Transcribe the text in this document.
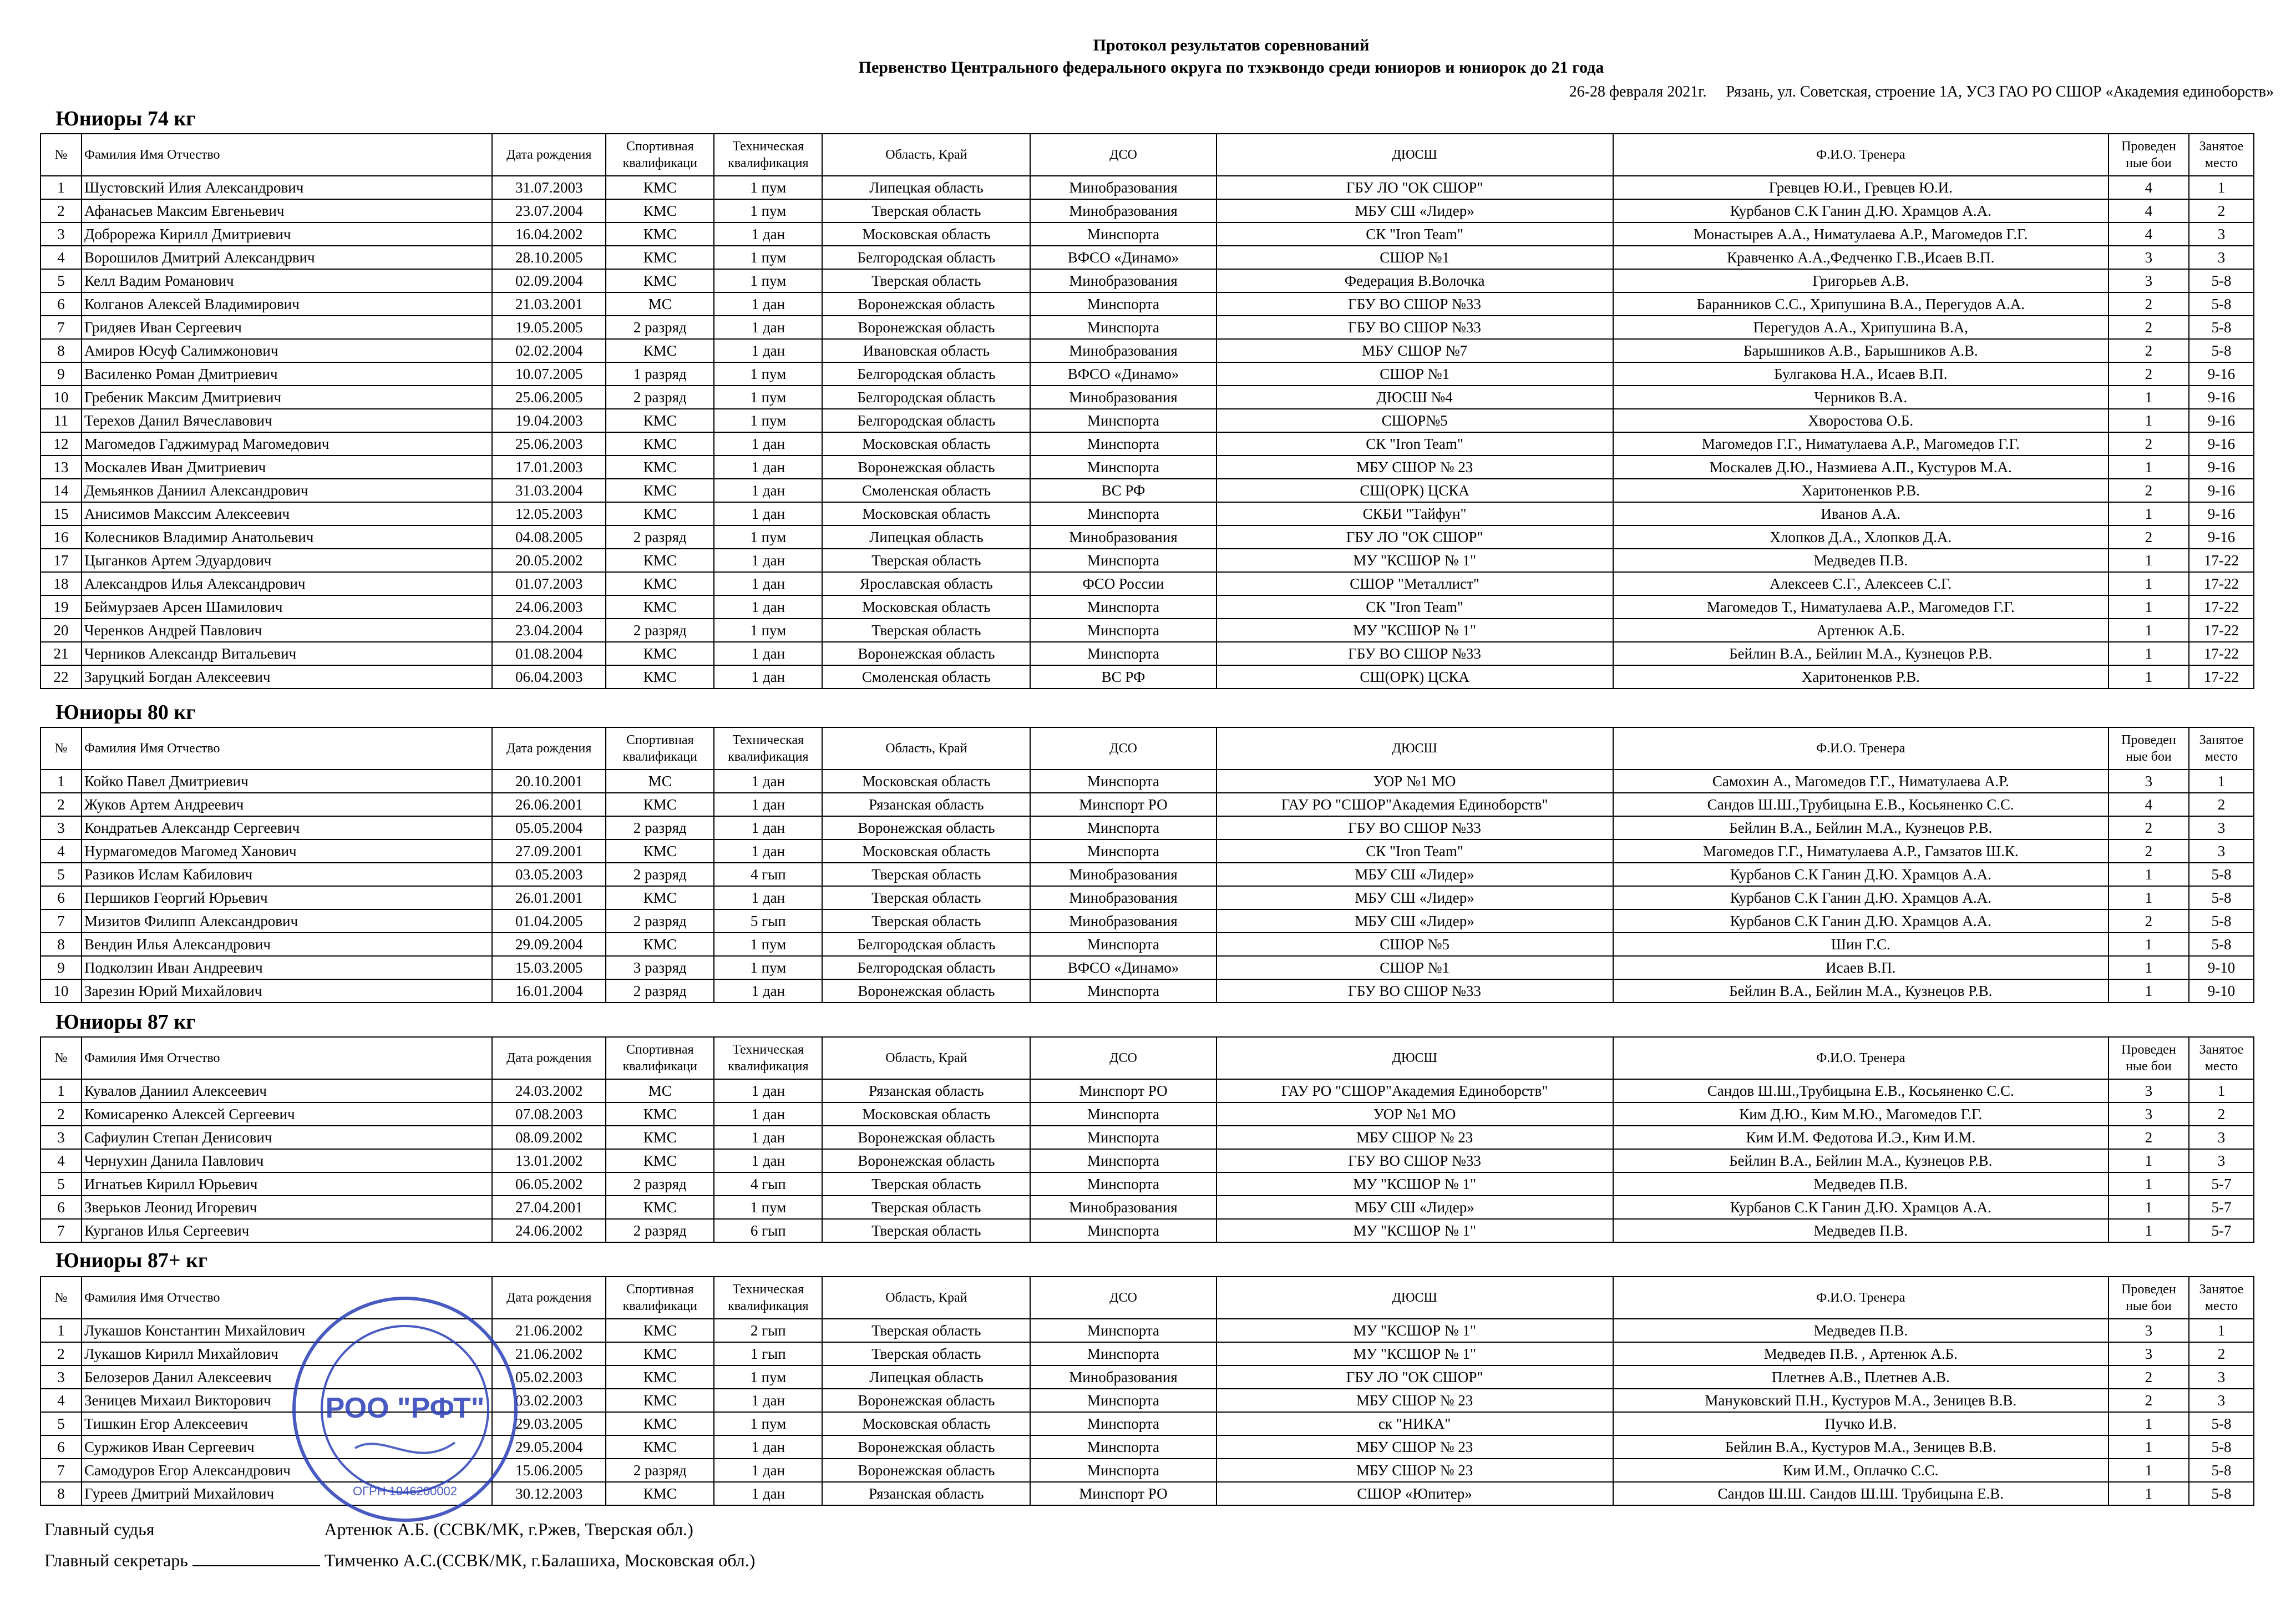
Протокол результатов соревнований
Первенство Центрального федерального округа по тхэквондо среди юниоров и юниорок до 21 года
26-28 февраля 2021г.     Рязань, ул. Советская, строение 1А, УСЗ ГАО РО СШОР «Академия единоборств»
Юниоры 74 кг
№	Фамилия Имя Отчество	Дата рождения	Спортивная квалификаци	Техническая квалификация	Область, Край	ДСО	ДЮСШ	Ф.И.О. Тренера	Проведен ные бои	Занятое место
1	Шустовский Илия Александрович	31.07.2003	КМС	1 пум	Липецкая область	Минобразования	ГБУ ЛО "ОК СШОР"	Гревцев Ю.И., Гревцев Ю.И.	4	1
2	Афанасьев Максим Евгеньевич	23.07.2004	КМС	1 пум	Тверская область	Минобразования	МБУ СШ «Лидер»	Курбанов С.К Ганин Д.Ю. Храмцов А.А.	4	2
3	Доброрежа Кирилл Дмитриевич	16.04.2002	КМС	1 дан	Московская область	Минспорта	СК "Iron Team"	Монастырев А.А., Ниматулаева А.Р., Магомедов Г.Г.	4	3
4	Ворошилов Дмитрий Александрвич	28.10.2005	КМС	1 пум	Белгородская область	ВФСО «Динамо»	СШОР №1	Кравченко А.А.,Федченко Г.В.,Исаев В.П.	3	3
5	Келл Вадим Романович	02.09.2004	КМС	1 пум	Тверская область	Минобразования	Федерация В.Волочка	Григорьев А.В.	3	5-8
6	Колганов Алексей Владимирович	21.03.2001	МС	1 дан	Воронежская область	Минспорта	ГБУ ВО СШОР №33	Баранников С.С., Хрипушина В.А., Перегудов А.А.	2	5-8
7	Гридяев Иван Сергеевич	19.05.2005	2 разряд	1 дан	Воронежская область	Минспорта	ГБУ ВО СШОР №33	Перегудов А.А., Хрипушина В.А,	2	5-8
8	Амиров Юсуф Салимжонович	02.02.2004	КМС	1 дан	Ивановская область	Минобразования	МБУ СШОР №7	Барышников А.В., Барышников А.В.	2	5-8
9	Василенко Роман Дмитриевич	10.07.2005	1 разряд	1 пум	Белгородская область	ВФСО «Динамо»	СШОР №1	Булгакова Н.А., Исаев В.П.	2	9-16
10	Гребеник Максим Дмитриевич	25.06.2005	2 разряд	1 пум	Белгородская область	Минобразования	ДЮСШ №4	Черников В.А.	1	9-16
11	Терехов Данил Вячеславович	19.04.2003	КМС	1 пум	Белгородская область	Минспорта	СШОР№5	Хворостова О.Б.	1	9-16
12	Магомедов Гаджимурад Магомедович	25.06.2003	КМС	1 дан	Московская область	Минспорта	СК "Iron Team"	Магомедов Г.Г., Ниматулаева А.Р., Магомедов Г.Г.	2	9-16
13	Москалев Иван Дмитриевич	17.01.2003	КМС	1 дан	Воронежская область	Минспорта	МБУ СШОР № 23	Москалев Д.Ю., Назмиева А.П., Кустуров М.А.	1	9-16
14	Демьянков Даниил Александрович	31.03.2004	КМС	1 дан	Смоленская область	ВС РФ	СШ(ОРК) ЦСКА	Харитоненков Р.В.	2	9-16
15	Анисимов Макссим Алексеевич	12.05.2003	КМС	1 дан	Московская область	Минспорта	СКБИ "Тайфун"	Иванов А.А.	1	9-16
16	Колесников Владимир Анатольевич	04.08.2005	2 разряд	1 пум	Липецкая область	Минобразования	ГБУ ЛО "ОК СШОР"	Хлопков Д.А., Хлопков Д.А.	2	9-16
17	Цыганков Артем Эдуардович	20.05.2002	КМС	1 дан	Тверская область	Минспорта	МУ "КСШОР № 1"	Медведев П.В.	1	17-22
18	Александров Илья Александрович	01.07.2003	КМС	1 дан	Ярославская область	ФСО России	СШОР "Металлист"	Алексеев С.Г., Алексеев С.Г.	1	17-22
19	Беймурзаев Арсен Шамилович	24.06.2003	КМС	1 дан	Московская область	Минспорта	СК "Iron Team"	Магомедов Т., Ниматулаева А.Р., Магомедов Г.Г.	1	17-22
20	Черенков Андрей Павлович	23.04.2004	2 разряд	1 пум	Тверская область	Минспорта	МУ "КСШОР № 1"	Артенюк А.Б.	1	17-22
21	Черников Александр Витальевич	01.08.2004	КМС	1 дан	Воронежская область	Минспорта	ГБУ ВО СШОР №33	Бейлин В.А., Бейлин М.А., Кузнецов Р.В.	1	17-22
22	Заруцкий Богдан Алексеевич	06.04.2003	КМС	1 дан	Смоленская область	ВС РФ	СШ(ОРК) ЦСКА	Харитоненков Р.В.	1	17-22
Юниоры 80 кг
№	Фамилия Имя Отчество	Дата рождения	Спортивная квалификаци	Техническая квалификация	Область, Край	ДСО	ДЮСШ	Ф.И.О. Тренера	Проведен ные бои	Занятое место
1	Койко Павел Дмитриевич	20.10.2001	МС	1 дан	Московская область	Минспорта	УОР №1 МО	Самохин А., Магомедов Г.Г., Ниматулаева А.Р.	3	1
2	Жуков Артем Андреевич	26.06.2001	КМС	1 дан	Рязанская область	Минспорт РО	ГАУ РО "СШОР"Академия Единоборств"	Сандов Ш.Ш.,Трубицына Е.В., Косьяненко С.С.	4	2
3	Кондратьев Александр Сергеевич	05.05.2004	2 разряд	1 дан	Воронежская область	Минспорта	ГБУ ВО СШОР №33	Бейлин В.А., Бейлин М.А., Кузнецов Р.В.	2	3
4	Нурмагомедов Магомед Ханович	27.09.2001	КМС	1 дан	Московская область	Минспорта	СК "Iron Team"	Магомедов Г.Г., Ниматулаева А.Р., Гамзатов Ш.К.	2	3
5	Разиков Ислам Кабилович	03.05.2003	2 разряд	4 гып	Тверская область	Минобразования	МБУ СШ «Лидер»	Курбанов С.К Ганин Д.Ю. Храмцов А.А.	1	5-8
6	Першиков Георгий Юрьевич	26.01.2001	КМС	1 дан	Тверская область	Минобразования	МБУ СШ «Лидер»	Курбанов С.К Ганин Д.Ю. Храмцов А.А.	1	5-8
7	Мизитов Филипп Александрович	01.04.2005	2 разряд	5 гып	Тверская область	Минобразования	МБУ СШ «Лидер»	Курбанов С.К Ганин Д.Ю. Храмцов А.А.	2	5-8
8	Вендин Илья Александрович	29.09.2004	КМС	1 пум	Белгородская область	Минспорта	СШОР №5	Шин Г.С.	1	5-8
9	Подколзин Иван Андреевич	15.03.2005	3 разряд	1 пум	Белгородская область	ВФСО «Динамо»	СШОР №1	Исаев В.П.	1	9-10
10	Зарезин Юрий Михайлович	16.01.2004	2 разряд	1 дан	Воронежская область	Минспорта	ГБУ ВО СШОР №33	Бейлин В.А., Бейлин М.А., Кузнецов Р.В.	1	9-10
Юниоры 87 кг
№	Фамилия Имя Отчество	Дата рождения	Спортивная квалификаци	Техническая квалификация	Область, Край	ДСО	ДЮСШ	Ф.И.О. Тренера	Проведен ные бои	Занятое место
1	Кувалов Даниил Алексеевич	24.03.2002	МС	1 дан	Рязанская область	Минспорт РО	ГАУ РО "СШОР"Академия Единоборств"	Сандов Ш.Ш.,Трубицына Е.В., Косьяненко С.С.	3	1
2	Комисаренко Алексей Сергеевич	07.08.2003	КМС	1 дан	Московская область	Минспорта	УОР №1 МО	Ким Д.Ю., Ким М.Ю., Магомедов Г.Г.	3	2
3	Сафиулин Степан Денисович	08.09.2002	КМС	1 дан	Воронежская область	Минспорта	МБУ СШОР № 23	Ким И.М. Федотова И.Э., Ким И.М.	2	3
4	Чернухин Данила Павлович	13.01.2002	КМС	1 дан	Воронежская область	Минспорта	ГБУ ВО СШОР №33	Бейлин В.А., Бейлин М.А., Кузнецов Р.В.	1	3
5	Игнатьев Кирилл Юрьевич	06.05.2002	2 разряд	4 гып	Тверская область	Минспорта	МУ "КСШОР № 1"	Медведев П.В.	1	5-7
6	Зверьков Леонид Игоревич	27.04.2001	КМС	1 пум	Тверская область	Минобразования	МБУ СШ «Лидер»	Курбанов С.К Ганин Д.Ю. Храмцов А.А.	1	5-7
7	Курганов Илья Сергеевич	24.06.2002	2 разряд	6 гып	Тверская область	Минспорта	МУ "КСШОР № 1"	Медведев П.В.	1	5-7
Юниоры 87+ кг
№	Фамилия Имя Отчество	Дата рождения	Спортивная квалификаци	Техническая квалификация	Область, Край	ДСО	ДЮСШ	Ф.И.О. Тренера	Проведен ные бои	Занятое место
1	Лукашов Константин Михайлович	21.06.2002	КМС	2 гып	Тверская область	Минспорта	МУ "КСШОР № 1"	Медведев П.В.	3	1
2	Лукашов Кирилл Михайлович	21.06.2002	КМС	1 гып	Тверская область	Минспорта	МУ "КСШОР № 1"	Медведев П.В. , Артенюк А.Б.	3	2
3	Белозеров Данил Алексеевич	05.02.2003	КМС	1 пум	Липецкая область	Минобразования	ГБУ ЛО "ОК СШОР"	Плетнев А.В., Плетнев А.В.	2	3
4	Зеницев Михаил Викторович	03.02.2003	КМС	1 дан	Воронежская область	Минспорта	МБУ СШОР № 23	Мануковский П.Н., Кустуров М.А., Зеницев В.В.	2	3
5	Тишкин Егор Алексеевич	29.03.2005	КМС	1 пум	Московская область	Минспорта	ск "НИКА"	Пучко И.В.	1	5-8
6	Суржиков Иван Сергеевич	29.05.2004	КМС	1 дан	Воронежская область	Минспорта	МБУ СШОР № 23	Бейлин В.А., Кустуров М.А., Зеницев В.В.	1	5-8
7	Самодуров Егор Александрович	15.06.2005	2 разряд	1 дан	Воронежская область	Минспорта	МБУ СШОР № 23	Ким И.М., Оплачко С.С.	1	5-8
8	Гуреев Дмитрий Михайлович	30.12.2003	КМС	1 дан	Рязанская область	Минспорт РО	СШОР «Юпитер»	Сандов Ш.Ш. Сандов Ш.Ш. Трубицына Е.В.	1	5-8
Главный судья	Артенюк А.Б. (ССВК/МК, г.Ржев, Тверская обл.)
Главный секретарь	Тимченко А.С.(ССВК/МК, г.Балашиха, Московская обл.)
РОО "РФТ"
ОГРН 1046200002
